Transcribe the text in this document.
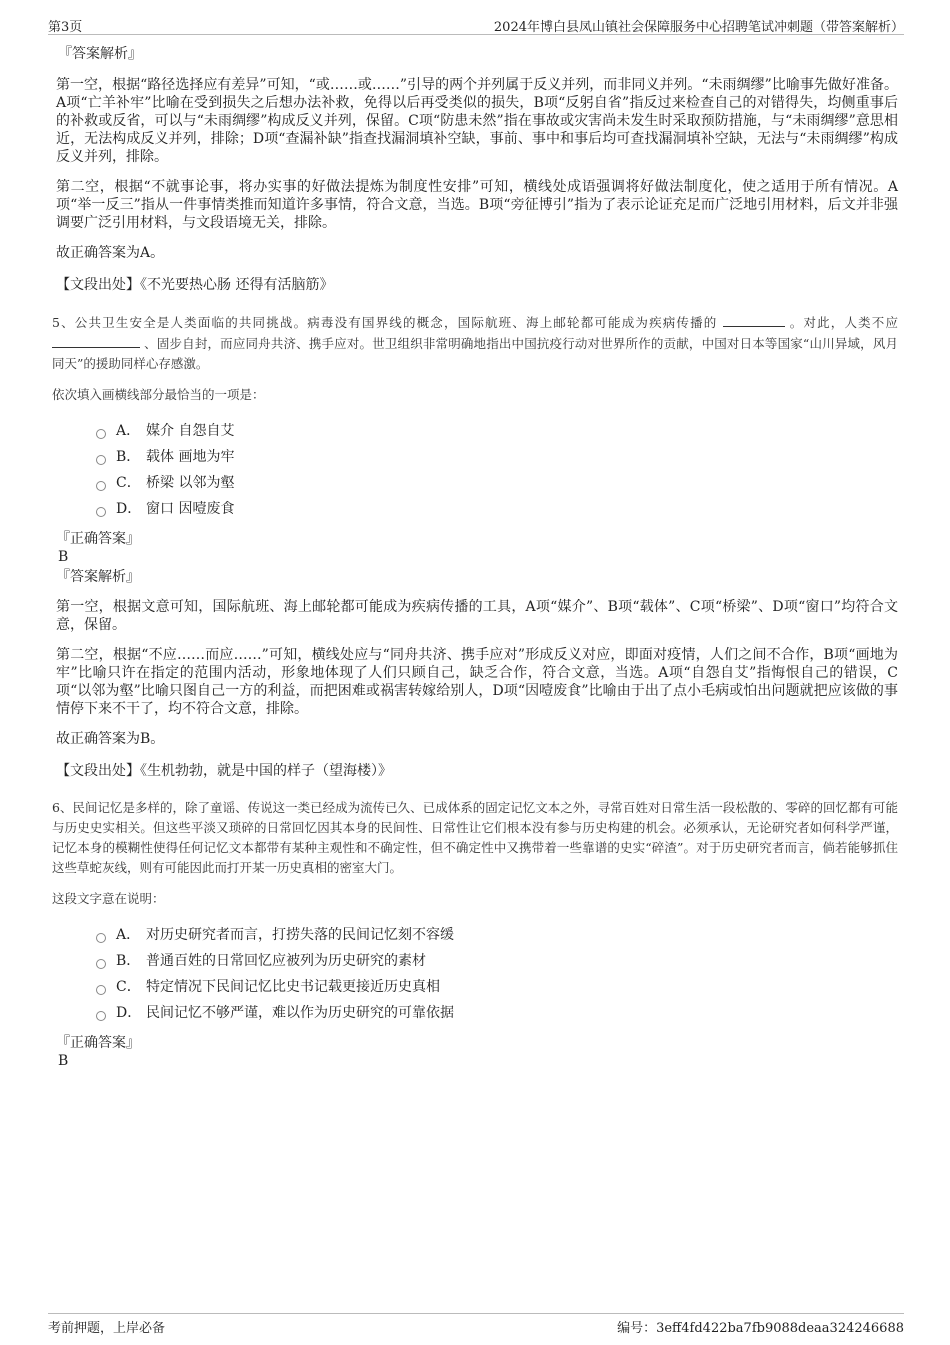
第3页	2024年博白县凤山镇社会保障服务中心招聘笔试冲刺题（带答案解析）
『答案解析』

第一空，根据“路径选择应有差异”可知，“或……或……”引导的两个并列属于反义并列，而非同义并列。“未雨绸缪”比喻事先做好准备。A项“亡羊补牢”比喻在受到损失之后想办法补救，免得以后再受类似的损失，B项“反躬自省”指反过来检查自己的对错得失，均侧重事后的补救或反省，可以与“未雨绸缪”构成反义并列，保留。C项“防患未然”指在事故或灾害尚未发生时采取预防措施，与“未雨绸缪”意思相近，无法构成反义并列，排除；D项“查漏补缺”指查找漏洞填补空缺，事前、事中和事后均可查找漏洞填补空缺，无法与“未雨绸缪”构成反义并列，排除。

第二空，根据“不就事论事，将办实事的好做法提炼为制度性安排”可知，横线处成语强调将好做法制度化，使之适用于所有情况。A项“举一反三”指从一件事情类推而知道许多事情，符合文意，当选。B项“旁征博引”指为了表示论证充足而广泛地引用材料，后文并非强调要广泛引用材料，与文段语境无关，排除。

故正确答案为A。

【文段出处】《不光要热心肠 还得有活脑筋》

5、公共卫生安全是人类面临的共同挑战。病毒没有国界线的概念，国际航班、海上邮轮都可能成为疾病传播的	。对此，人类不应  、固步自封，而应同舟共济、携手应对。世卫组织非常明确地指出中国抗疫行动对世界所作的贡献，中国对日本等国家“山川异域，风月同天”的援助同样心存感激。
依次填入画横线部分最恰当的一项是：
A． 媒介 自怨自艾
B． 载体 画地为牢
C． 桥梁 以邻为壑
D． 窗口 因噎废食
『正确答案』
B
『答案解析』

第一空，根据文意可知，国际航班、海上邮轮都可能成为疾病传播的工具，A项“媒介”、B项“载体”、C项“桥梁”、D项“窗口”均符合文意，保留。

第二空，根据“不应……而应……”可知，横线处应与“同舟共济、携手应对”形成反义对应，即面对疫情，人们之间不合作，B项“画地为牢”比喻只许在指定的范围内活动，形象地体现了人们只顾自己，缺乏合作，符合文意，当选。A项“自怨自艾”指悔恨自己的错误，C项“以邻为壑”比喻只图自己一方的利益，而把困难或祸害转嫁给别人，D项“因噎废食”比喻由于出了点小毛病或怕出问题就把应该做的事情停下来不干了，均不符合文意，排除。

故正确答案为B。

【文段出处】《生机勃勃，就是中国的样子（望海楼）》

6、民间记忆是多样的，除了童谣、传说这一类已经成为流传已久、已成体系的固定记忆文本之外，寻常百姓对日常生活一段松散的、零碎的回忆都有可能与历史史实相关。但这些平淡又琐碎的日常回忆因其本身的民间性、日常性让它们根本没有参与历史构建的机会。必须承认，无论研究者如何科学严谨，记忆本身的模糊性使得任何记忆文本都带有某种主观性和不确定性，但不确定性中又携带着一些靠谱的史实“碎渣”。对于历史研究者而言，倘若能够抓住这些草蛇灰线，则有可能因此而打开某一历史真相的密室大门。
这段文字意在说明：
A． 对历史研究者而言，打捞失落的民间记忆刻不容缓
B． 普通百姓的日常回忆应被列为历史研究的素材
C． 特定情况下民间记忆比史书记载更接近历史真相
D． 民间记忆不够严谨，难以作为历史研究的可靠依据
『正确答案』
B
考前押题，上岸必备	编号：3eff4fd422ba7fb9088deaa324246688
